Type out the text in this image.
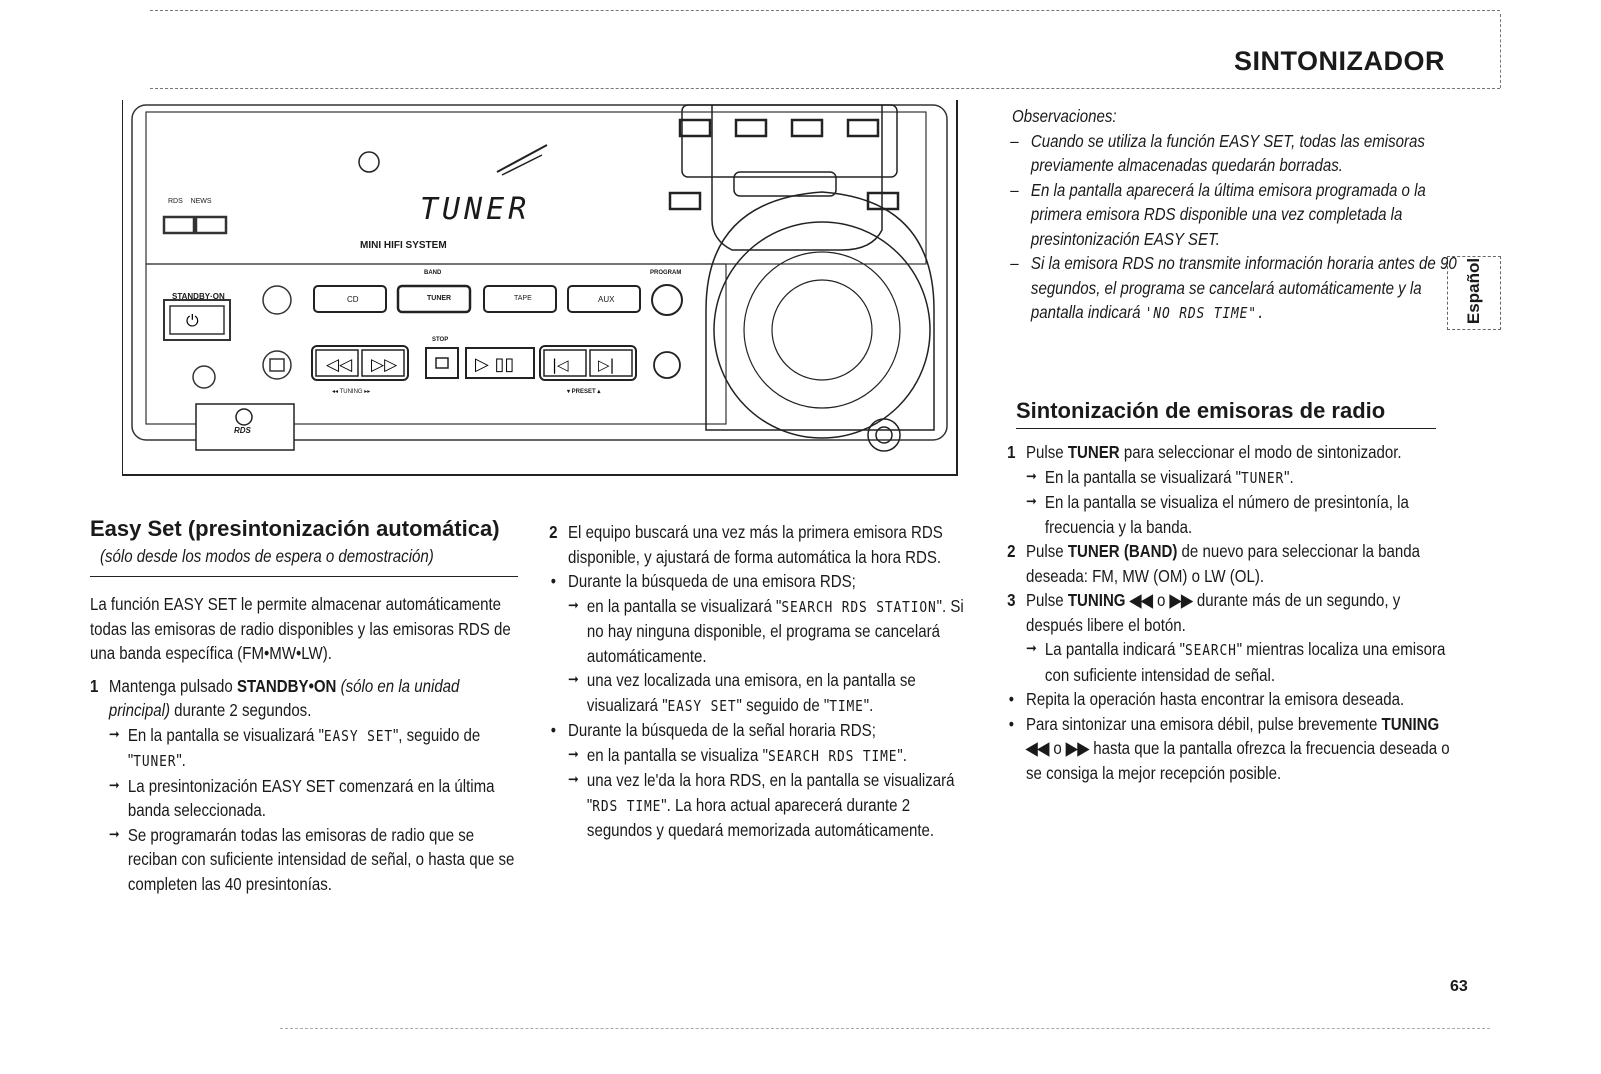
SINTONIZADOR
Español
⏻
◁◁ ▷▷	▷ ▯▯	|◁ ▷|
TUNER
MINI HIFI SYSTEM
RDS NEWS
STANDBY·ON	CD	TUNER	TAPE	AUX
BAND	PROGRAM
STOP
◂◂ TUNING ▸▸	▾ PRESET ▴
RDS

Observaciones:

– Cuando se utiliza la función EASY SET, todas las emisoras previamente almacenadas quedarán borradas.
– En la pantalla aparecerá la última emisora programada o la primera emisora RDS disponible una vez completada la presintonización EASY SET.
– Si la emisora RDS no transmite información horaria antes de 90 segundos, el programa se cancelará automáticamente y la pantalla indicará 'NO RDS TIME".
Sintonización de emisoras de radio
1 Pulse TUNER para seleccionar el modo de sintonizador.
➞ En la pantalla se visualizará "TUNER".
➞ En la pantalla se visualiza el número de presintonía, la frecuencia y la banda.
2 Pulse TUNER (BAND) de nuevo para seleccionar la banda deseada: FM, MW (OM) o LW (OL).
3 Pulse TUNING ◀◀ o ▶▶ durante más de un segundo, y después libere el botón.
➞ La pantalla indicará "SEARCH" mientras localiza una emisora con suficiente intensidad de señal.
• Repita la operación hasta encontrar la emisora deseada.
• Para sintonizar una emisora débil, pulse brevemente TUNING ◀◀ o ▶▶ hasta que la pantalla ofrezca la frecuencia deseada o se consiga la mejor recepción posible.
Easy Set (presintonización automática)
(sólo desde los modos de espera o demostración)

La función EASY SET le permite almacenar automáticamente todas las emisoras de radio disponibles y las emisoras RDS de una banda específica (FM•MW•LW).

1 Mantenga pulsado STANDBY•ON (sólo en la unidad principal) durante 2 segundos.
➞ En la pantalla se visualizará "EASY SET", seguido de "TUNER".
➞ La presintonización EASY SET comenzará en la última banda seleccionada.
➞ Se programarán todas las emisoras de radio que se reciban con suficiente intensidad de señal, o hasta que se completen las 40 presintonías.
2 El equipo buscará una vez más la primera emisora RDS disponible, y ajustará de forma automática la hora RDS.
• Durante la búsqueda de una emisora RDS;
➞ en la pantalla se visualizará "SEARCH RDS STATION". Si no hay ninguna disponible, el programa se cancelará automáticamente.
➞ una vez localizada una emisora, en la pantalla se visualizará "EASY SET" seguido de "TIME".
• Durante la búsqueda de la señal horaria RDS;
➞ en la pantalla se visualiza "SEARCH RDS TIME".
➞ una vez le'da la hora RDS, en la pantalla se visualizará "RDS TIME". La hora actual aparecerá durante 2 segundos y quedará memorizada automáticamente.
63
